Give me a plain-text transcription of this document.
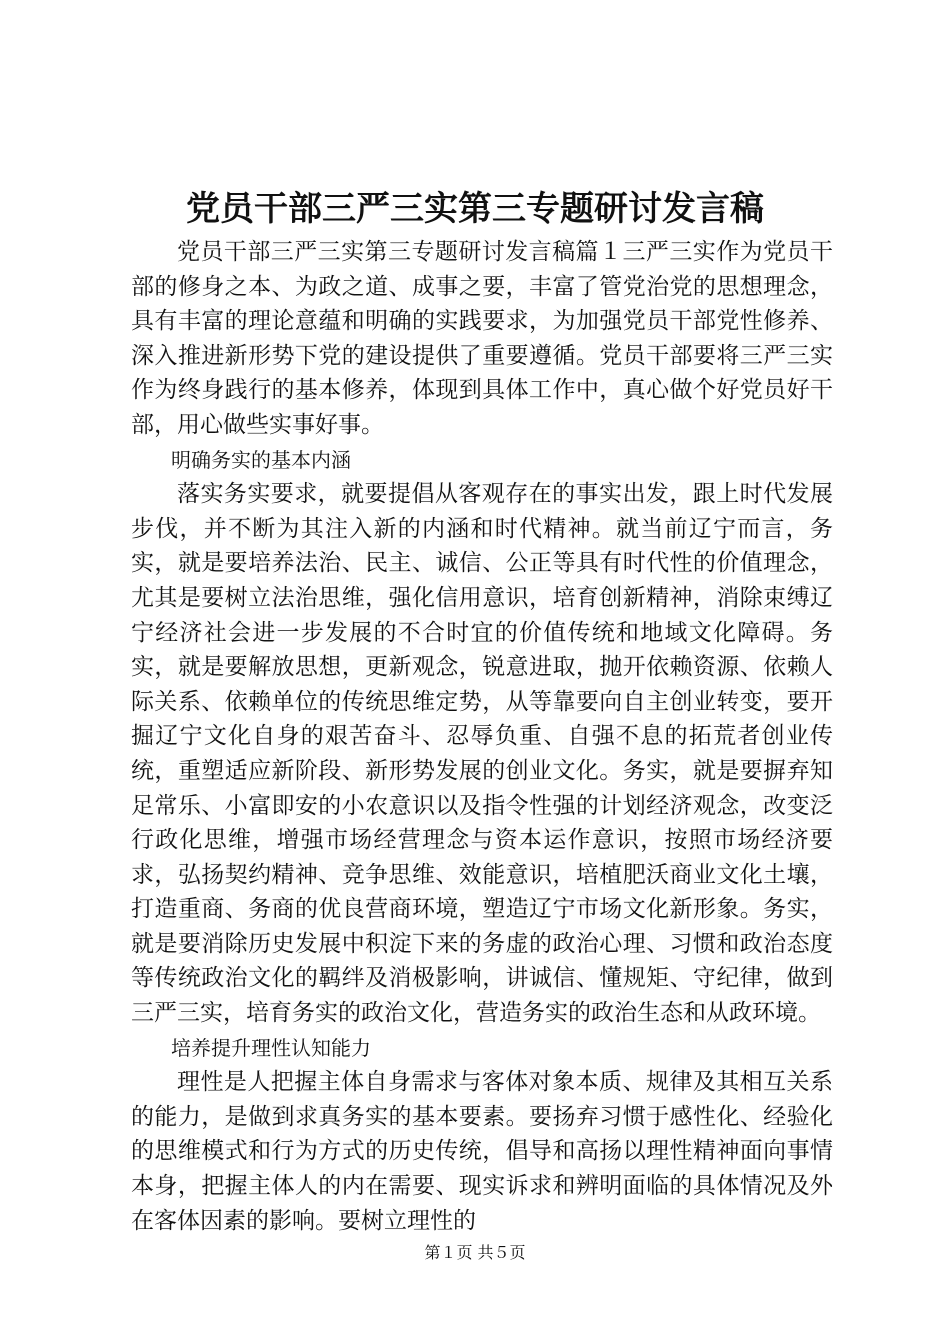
党员干部三严三实第三专题研讨发言稿

党员干部三严三实第三专题研讨发言稿篇１三严三实作为党员干部的修身之本、为政之道、成事之要，丰富了管党治党的思想理念，具有丰富的理论意蕴和明确的实践要求，为加强党员干部党性修养、深入推进新形势下党的建设提供了重要遵循。党员干部要将三严三实作为终身践行的基本修养，体现到具体工作中，真心做个好党员好干部，用心做些实事好事。

明确务实的基本内涵

落实务实要求，就要提倡从客观存在的事实出发，跟上时代发展步伐，并不断为其注入新的内涵和时代精神。就当前辽宁而言，务实，就是要培养法治、民主、诚信、公正等具有时代性的价值理念，尤其是要树立法治思维，强化信用意识，培育创新精神，消除束缚辽宁经济社会进一步发展的不合时宜的价值传统和地域文化障碍。务实，就是要解放思想，更新观念，锐意进取，抛开依赖资源、依赖人际关系、依赖单位的传统思维定势，从等靠要向自主创业转变，要开掘辽宁文化自身的艰苦奋斗、忍辱负重、自强不息的拓荒者创业传统，重塑适应新阶段、新形势发展的创业文化。务实，就是要摒弃知足常乐、小富即安的小农意识以及指令性强的计划经济观念，改变泛行政化思维，增强市场经营理念与资本运作意识，按照市场经济要求，弘扬契约精神、竞争思维、效能意识，培植肥沃商业文化土壤，打造重商、务商的优良营商环境，塑造辽宁市场文化新形象。务实，就是要消除历史发展中积淀下来的务虚的政治心理、习惯和政治态度等传统政治文化的羁绊及消极影响，讲诚信、懂规矩、守纪律，做到三严三实，培育务实的政治文化，营造务实的政治生态和从政环境。

培养提升理性认知能力

理性是人把握主体自身需求与客体对象本质、规律及其相互关系的能力，是做到求真务实的基本要素。要扬弃习惯于感性化、经验化的思维模式和行为方式的历史传统，倡导和高扬以理性精神面向事情本身，把握主体人的内在需要、现实诉求和辨明面临的具体情况及外在客体因素的影响。要树立理性的

第１页 共５页
